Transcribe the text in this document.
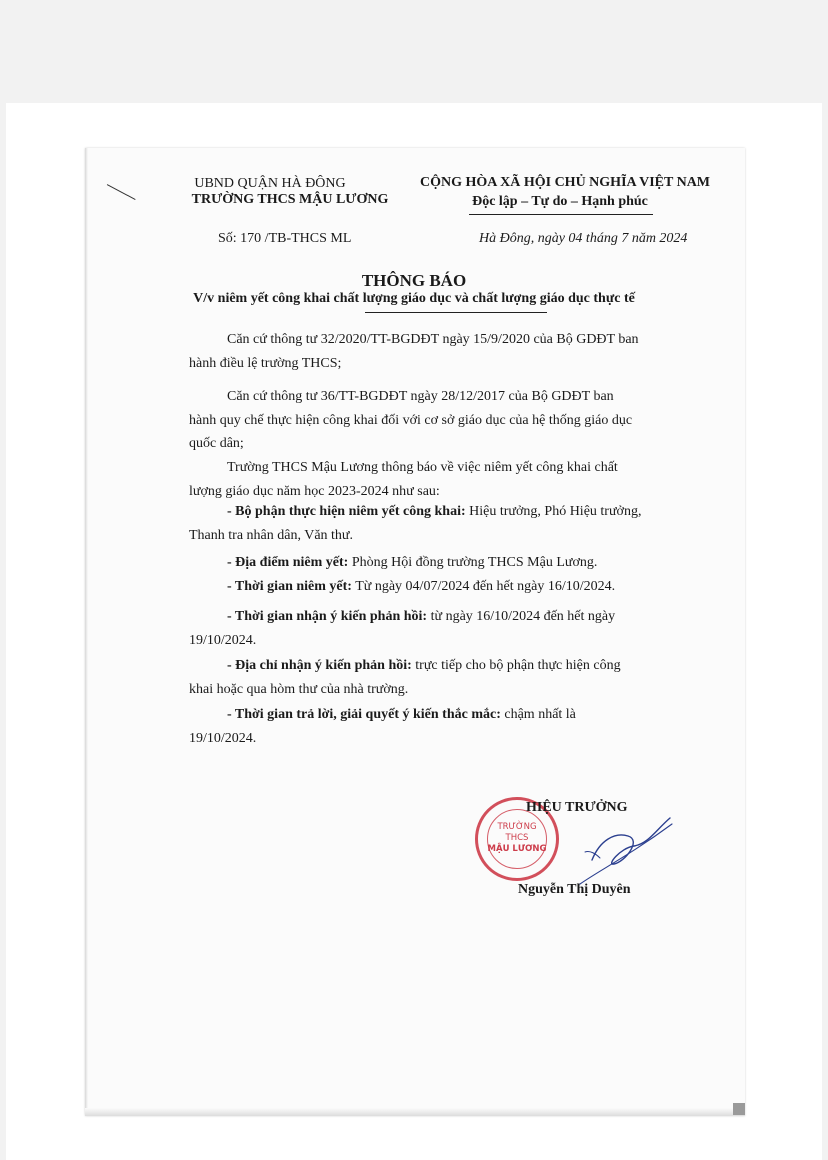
UBND QUẬN HÀ ĐÔNG
TRƯỜNG THCS MẬU LƯƠNG
Số: 170 /TB-THCS ML
CỘNG HÒA XÃ HỘI CHỦ NGHĨA VIỆT NAM
Độc lập – Tự do – Hạnh phúc
Hà Đông, ngày 04 tháng 7 năm 2024
THÔNG BÁO
V/v niêm yết công khai chất lượng giáo dục và chất lượng giáo dục thực tế
Căn cứ thông tư 32/2020/TT-BGDĐT ngày 15/9/2020 của Bộ GDĐT ban
hành điều lệ trường THCS;
Căn cứ thông tư 36/TT-BGDĐT ngày 28/12/2017 của Bộ GDĐT ban
hành quy chế thực hiện công khai đối với cơ sở giáo dục của hệ thống giáo dục
quốc dân;
Trường THCS Mậu Lương thông báo về việc niêm yết công khai chất
lượng giáo dục năm học 2023-2024 như sau:
- Bộ phận thực hiện niêm yết công khai: Hiệu trưởng, Phó Hiệu trưởng,
Thanh tra nhân dân, Văn thư.
- Địa điểm niêm yết: Phòng Hội đồng trường THCS Mậu Lương.
- Thời gian niêm yết: Từ ngày 04/07/2024 đến hết ngày 16/10/2024.
- Thời gian nhận ý kiến phản hồi: từ ngày 16/10/2024 đến hết ngày
19/10/2024.
- Địa chỉ nhận ý kiến phản hồi: trực tiếp cho bộ phận thực hiện công
khai hoặc qua hòm thư của nhà trường.
- Thời gian trả lời, giải quyết ý kiến thắc mắc: chậm nhất là
19/10/2024.
TRƯỜNG
THCS
MẬU LƯƠNG
HIỆU TRƯỞNG
Nguyễn Thị Duyên
